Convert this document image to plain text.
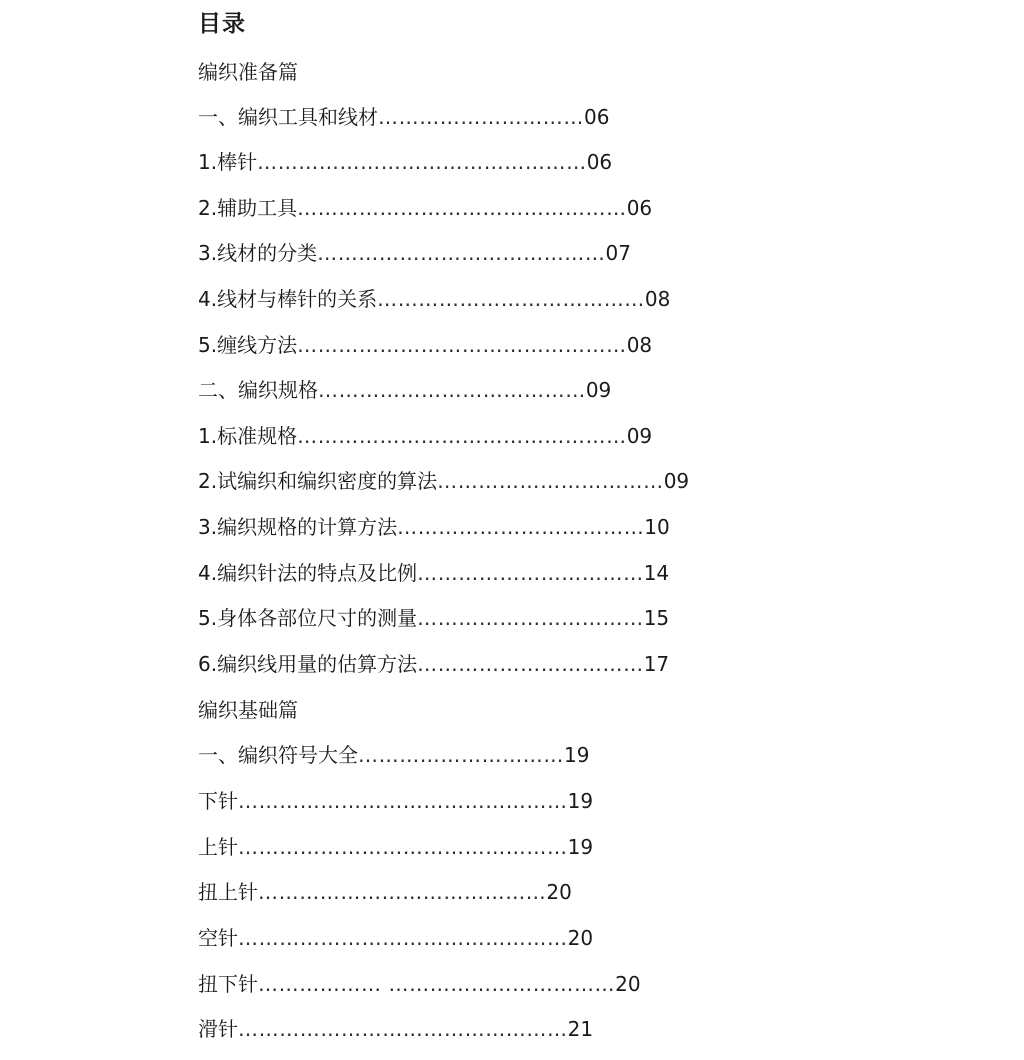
目录
编织准备篇
一、编织工具和线材…………………………06
1.棒针…………………………………………06
2.辅助工具…………………………………………06
3.线材的分类……………………………………07
4.线材与棒针的关系…………………………………08
5.缠线方法…………………………………………08
二、编织规格…………………………………09
1.标准规格…………………………………………09
2.试编织和编织密度的算法……………………………09
3.编织规格的计算方法………………………………10
4.编织针法的特点及比例……………………………14
5.身体各部位尺寸的测量……………………………15
6.编织线用量的估算方法……………………………17
编织基础篇
一、编织符号大全…………………………19
下针…………………………………………19
上针…………………………………………19
扭上针……………………………………20
空针…………………………………………20
扭下针……………… ……………………………20
滑针…………………………………………21
